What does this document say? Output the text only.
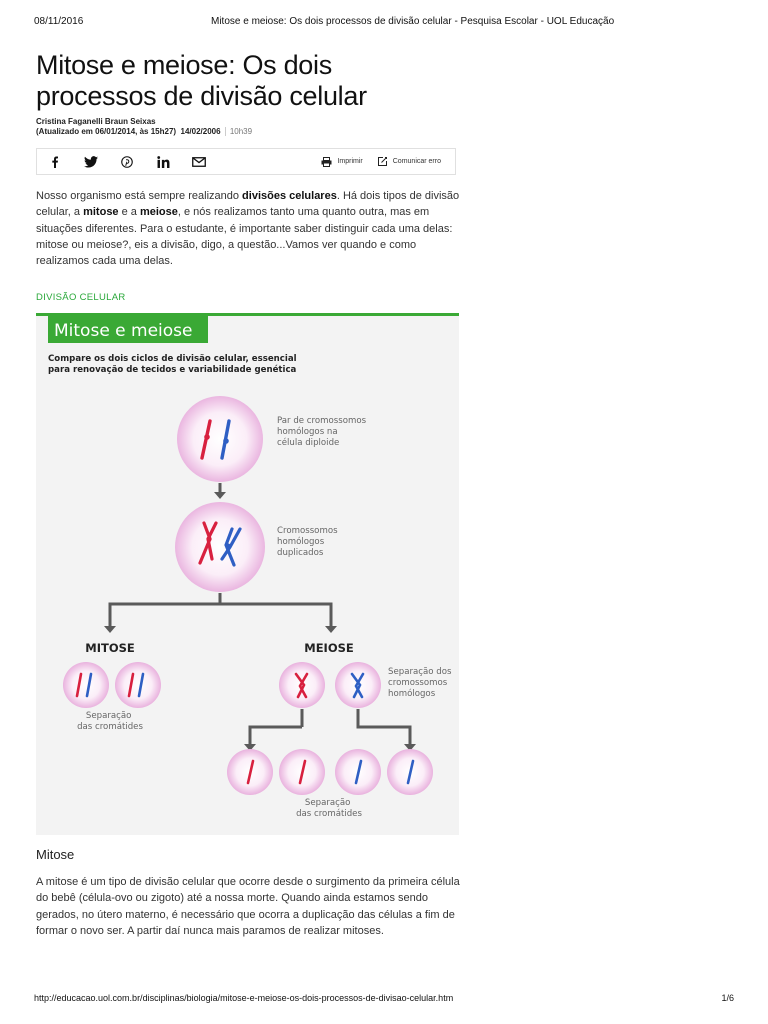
08/11/2016	Mitose e meiose: Os dois processos de divisão celular - Pesquisa Escolar - UOL Educação
Mitose e meiose: Os dois processos de divisão celular
Cristina Faganelli Braun Seixas
(Atualizado em 06/01/2014, às 15h27) 14/02/2006 10h39
Imprimir	Comunicar erro

Nosso organismo está sempre realizando divisões celulares. Há dois tipos de divisão celular, a mitose e a meiose, e nós realizamos tanto uma quanto outra, mas em situações diferentes. Para o estudante, é importante saber distinguir cada uma delas: mitose ou meiose?, eis a divisão, digo, a questão...Vamos ver quando e como realizamos cada uma delas.

DIVISÃO CELULAR

Mitose e meiose
Compare os dois ciclos de divisão celular, essencial
para renovação de tecidos e variabilidade genética
Par de cromossomos homólogos na célula diploide
Cromossomos homólogos duplicados
MITOSE	MEIOSE
Separação das cromátides
Separação dos cromossomos homólogos
Separação das cromátides
Mitose

A mitose é um tipo de divisão celular que ocorre desde o surgimento da primeira célula do bebê (célula-ovo ou zigoto) até a nossa morte. Quando ainda estamos sendo gerados, no útero materno, é necessário que ocorra a duplicação das células a fim de formar o novo ser. A partir daí nunca mais paramos de realizar mitoses.

http://educacao.uol.com.br/disciplinas/biologia/mitose-e-meiose-os-dois-processos-de-divisao-celular.htm	1/6
